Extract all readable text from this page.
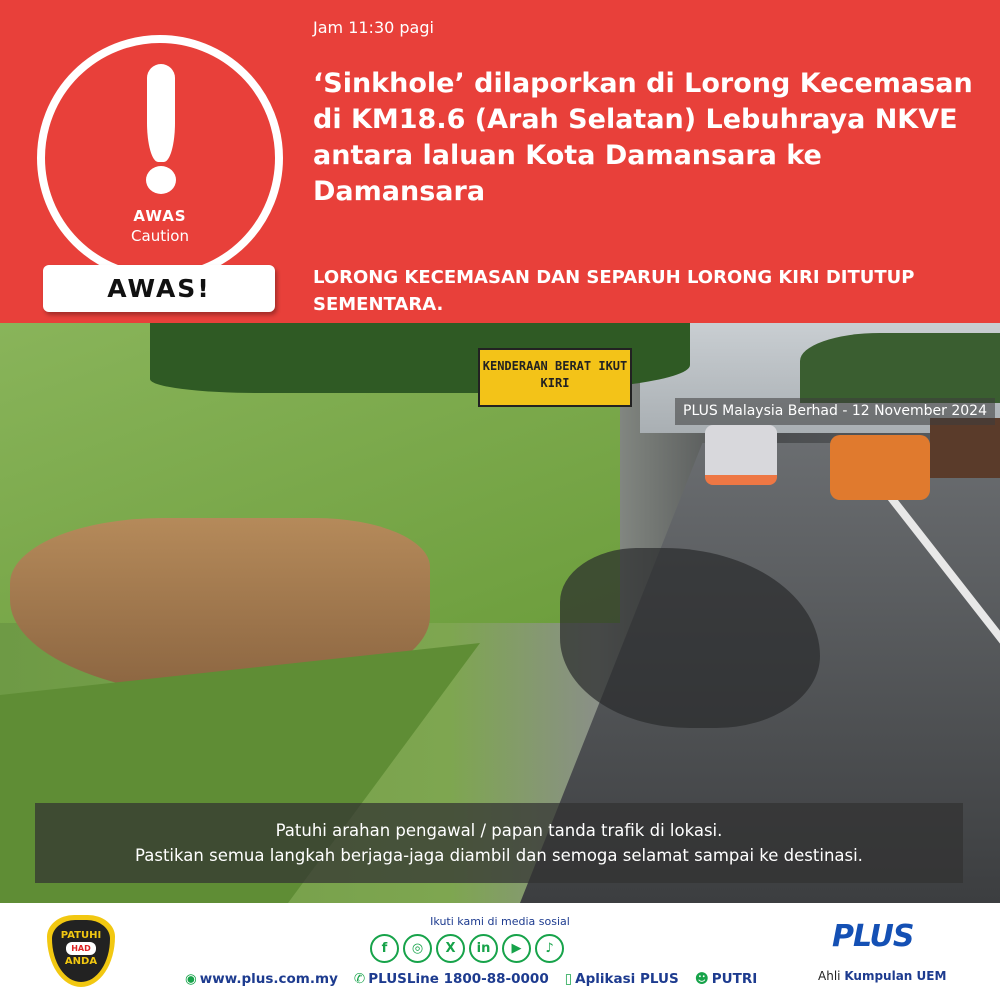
AWAS
Caution
AWAS!
Jam 11:30 pagi
‘Sinkhole’ dilaporkan di Lorong Kecemasan di KM18.6 (Arah Selatan) Lebuhraya NKVE antara laluan Kota Damansara ke Damansara
LORONG KECEMASAN DAN SEPARUH LORONG KIRI DITUTUP SEMENTARA.
KENDERAAN BERAT IKUT KIRI
PLUS Malaysia Berhad - 12 November 2024
Patuhi arahan pengawal / papan tanda trafik di lokasi.
Pastikan semua langkah berjaga-jaga diambil dan semoga selamat sampai ke destinasi.
PATUHI
HAD
ANDA
Ikuti kami di media sosial
f	◎	X	in	▶	♪
◉ www.plus.com.my ✆ PLUSLine 1800-88-0000 ▯ Aplikasi PLUS ☻ PUTRI
PLUS
Ahli Kumpulan UEM
